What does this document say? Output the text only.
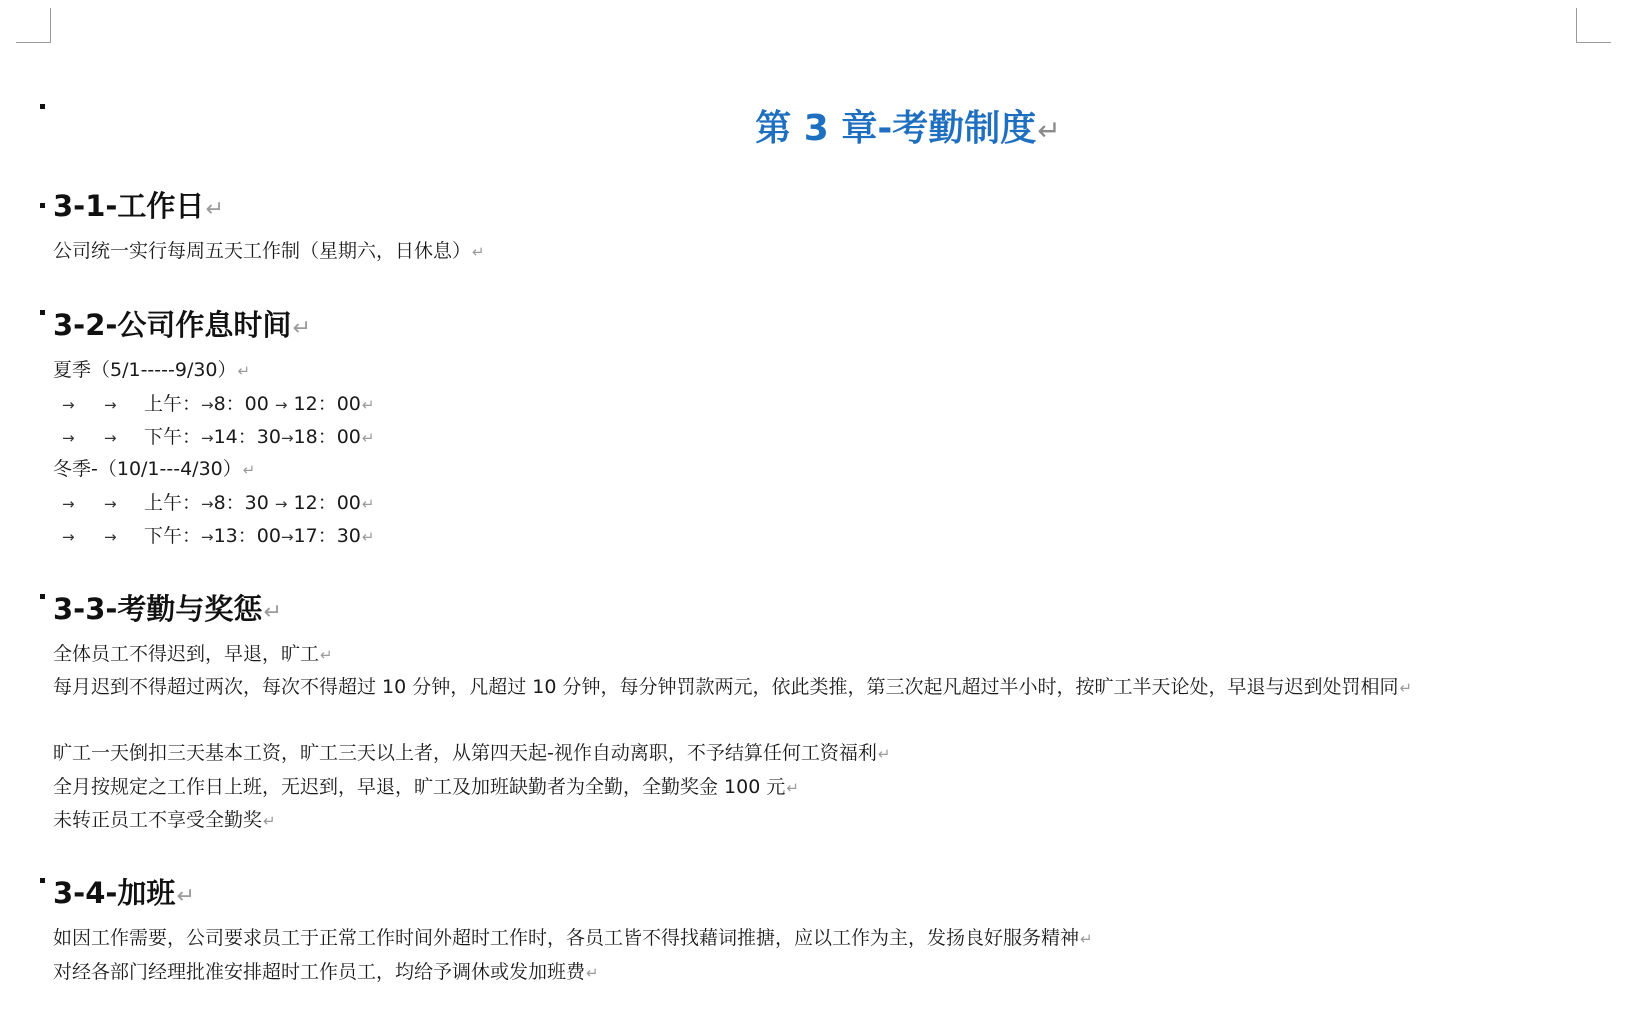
第 3 章-考勤制度↵
3-1-工作日↵
公司统一实行每周五天工作制（星期六，日休息）↵
3-2-公司作息时间↵
夏季（5/1-----9/30）↵
→ → 上午：→8：00 → 12：00↵
→ → 下午：→14：30→18：00↵
冬季-（10/1---4/30）↵
→ → 上午：→8：30 → 12：00↵
→ → 下午：→13：00→17：30↵
3-3-考勤与奖惩↵
全体员工不得迟到，早退，旷工↵
每月迟到不得超过两次，每次不得超过 10 分钟，凡超过 10 分钟，每分钟罚款两元，依此类推，第三次起凡超过半小时，按旷工半天论处，早退与迟到处罚相同↵
旷工一天倒扣三天基本工资，旷工三天以上者，从第四天起-视作自动离职，不予结算任何工资福利↵
全月按规定之工作日上班，无迟到，早退，旷工及加班缺勤者为全勤，全勤奖金 100 元↵
未转正员工不享受全勤奖↵
3-4-加班↵
如因工作需要，公司要求员工于正常工作时间外超时工作时，各员工皆不得找藉词推搪，应以工作为主，发扬良好服务精神↵
对经各部门经理批准安排超时工作员工，均给予调休或发加班费↵
